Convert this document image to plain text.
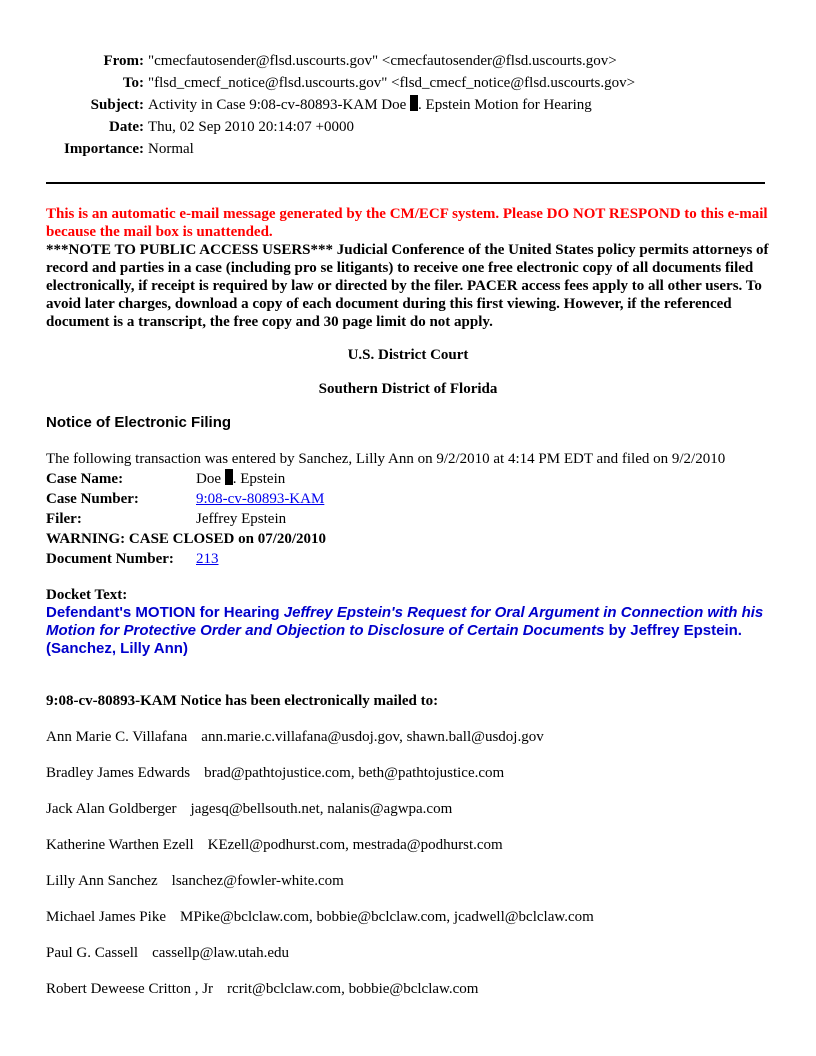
From: "cmecfautosender@flsd.uscourts.gov" <cmecfautosender@flsd.uscourts.gov>
To: "flsd_cmecf_notice@flsd.uscourts.gov" <flsd_cmecf_notice@flsd.uscourts.gov>
Subject: Activity in Case 9:08-cv-80893-KAM Doe . Epstein Motion for Hearing
Date: Thu, 02 Sep 2010 20:14:07 +0000
Importance: Normal
This is an automatic e-mail message generated by the CM/ECF system. Please DO NOT RESPOND to this e-mail because the mail box is unattended.
***NOTE TO PUBLIC ACCESS USERS*** Judicial Conference of the United States policy permits attorneys of record and parties in a case (including pro se litigants) to receive one free electronic copy of all documents filed electronically, if receipt is required by law or directed by the filer. PACER access fees apply to all other users. To avoid later charges, download a copy of each document during this first viewing. However, if the referenced document is a transcript, the free copy and 30 page limit do not apply.
U.S. District Court
Southern District of Florida
Notice of Electronic Filing
The following transaction was entered by Sanchez, Lilly Ann on 9/2/2010 at 4:14 PM EDT and filed on 9/2/2010
Case Name:	Doe . Epstein
Case Number:	9:08-cv-80893-KAM
Filer:	Jeffrey Epstein
WARNING: CASE CLOSED on 07/20/2010
Document Number:	213
Docket Text:
Defendant's MOTION for Hearing Jeffrey Epstein's Request for Oral Argument in Connection with his Motion for Protective Order and Objection to Disclosure of Certain Documents by Jeffrey Epstein. (Sanchez, Lilly Ann)
9:08-cv-80893-KAM Notice has been electronically mailed to:
Ann Marie C. Villafana ann.marie.c.villafana@usdoj.gov, shawn.ball@usdoj.gov
Bradley James Edwards brad@pathtojustice.com, beth@pathtojustice.com
Jack Alan Goldberger jagesq@bellsouth.net, nalanis@agwpa.com
Katherine Warthen Ezell KEzell@podhurst.com, mestrada@podhurst.com
Lilly Ann Sanchez lsanchez@fowler-white.com
Michael James Pike MPike@bclclaw.com, bobbie@bclclaw.com, jcadwell@bclclaw.com
Paul G. Cassell cassellp@law.utah.edu
Robert Deweese Critton , Jr rcrit@bclclaw.com, bobbie@bclclaw.com
